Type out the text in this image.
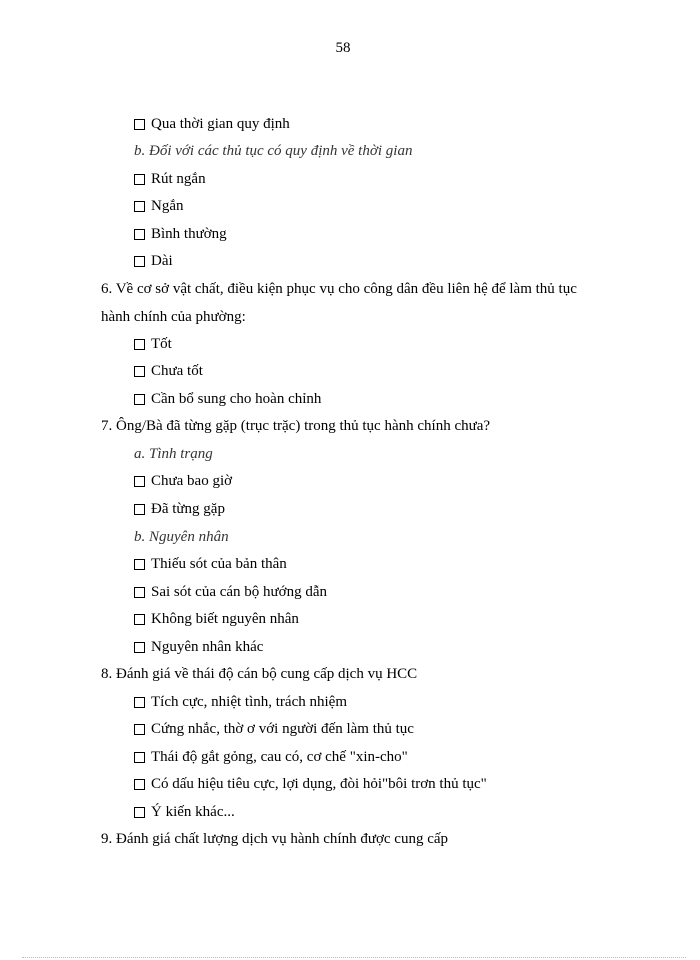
58
Qua thời gian quy định
b. Đối với các thủ tục có quy định về thời gian
Rút ngắn
Ngắn
Bình thường
Dài
6. Về cơ sở vật chất, điều kiện phục vụ cho công dân đều liên hệ để làm thủ tục
hành chính của phường:
Tốt
Chưa tốt
Cần bổ sung cho hoàn chỉnh
7. Ông/Bà đã từng gặp (trục trặc) trong thủ tục hành chính chưa?
a. Tình trạng
Chưa bao giờ
Đã từng gặp
b. Nguyên nhân
Thiếu sót của bản thân
Sai sót của cán bộ hướng dẫn
Không biết nguyên nhân
Nguyên nhân khác
8. Đánh giá về thái độ cán bộ cung cấp dịch vụ HCC
Tích cực, nhiệt tình, trách nhiệm
Cứng nhắc, thờ ơ với người đến làm thủ tục
Thái độ gắt gỏng, cau có, cơ chế "xin-cho"
Có dấu hiệu tiêu cực, lợi dụng, đòi hỏi"bôi trơn thủ tục"
Ý kiến khác...
9. Đánh giá chất lượng dịch vụ hành chính được cung cấp
